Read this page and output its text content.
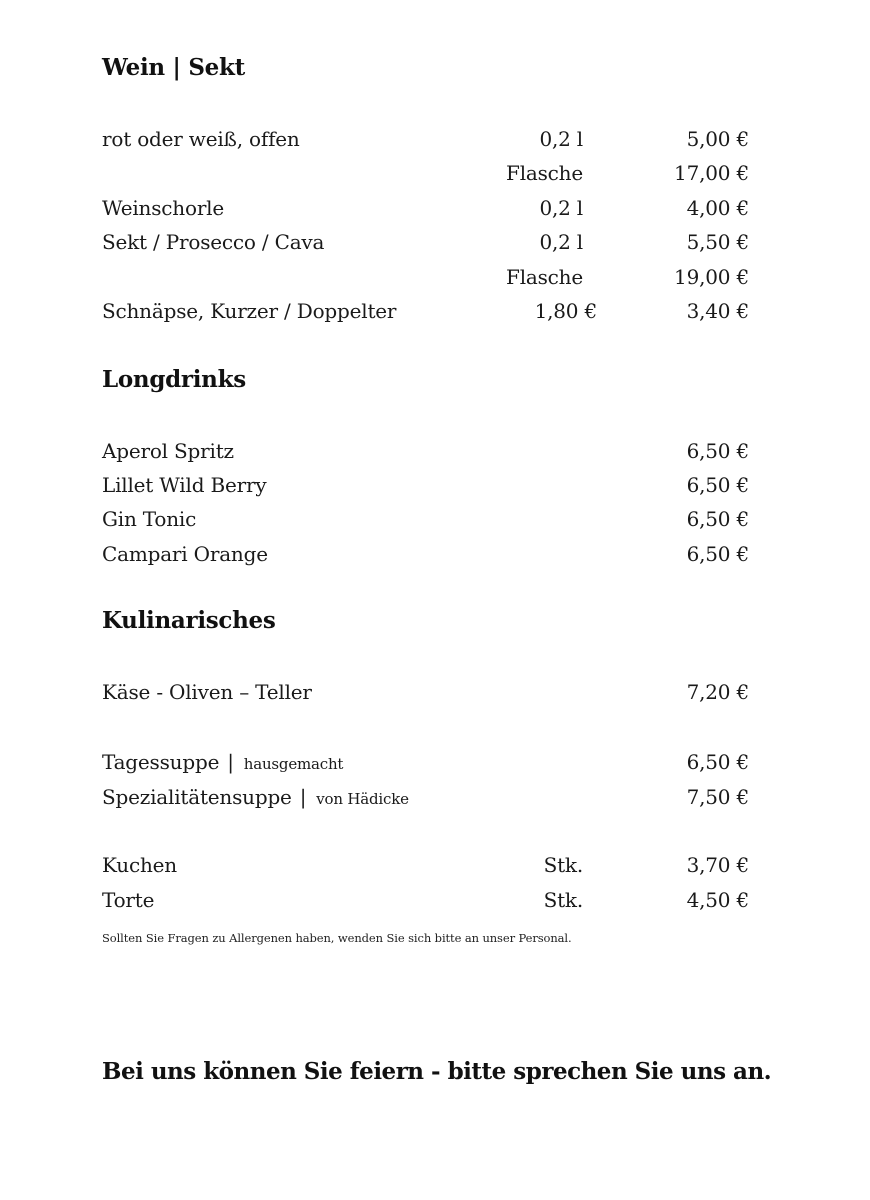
Wein | Sekt
rot oder weiß, offen	0,2 l	5,00 €
Flasche	17,00 €
Weinschorle	0,2 l	4,00 €
Sekt / Prosecco / Cava	0,2 l	5,50 €
Flasche	19,00 €
Schnäpse, Kurzer / Doppelter	1,80 €	3,40 €
Longdrinks
Aperol Spritz	6,50 €
Lillet Wild Berry	6,50 €
Gin Tonic	6,50 €
Campari Orange	6,50 €
Kulinarisches
Käse - Oliven – Teller	7,20 €
Tagessuppe | hausgemacht	6,50 €
Spezialitätensuppe | von Hädicke	7,50 €
Kuchen	Stk.	3,70 €
Torte	Stk.	4,50 €
Sollten Sie Fragen zu Allergenen haben, wenden Sie sich bitte an unser Personal.
Bei uns können Sie feiern - bitte sprechen Sie uns an.
